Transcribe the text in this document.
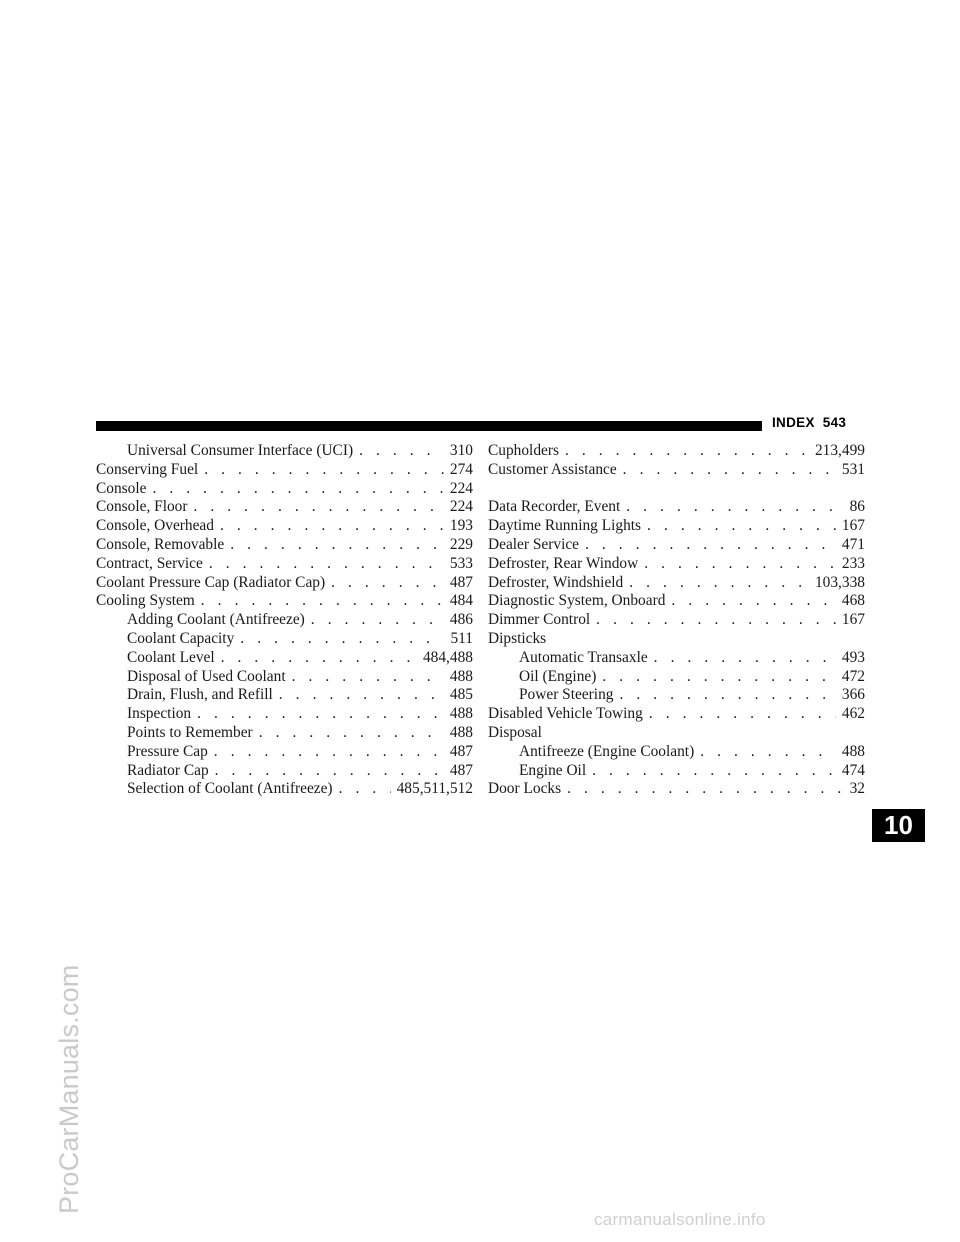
INDEX 543
Universal Consumer Interface (UCI) . . .	310
Conserving Fuel . . .	274
Console . . .	224
Console, Floor . . .	224
Console, Overhead . . .	193
Console, Removable . . .	229
Contract, Service . . .	533
Coolant Pressure Cap (Radiator Cap) . . .	487
Cooling System . . .	484
Adding Coolant (Antifreeze) . . .	486
Coolant Capacity . . .	511
Coolant Level . . .	484,488
Disposal of Used Coolant . . .	488
Drain, Flush, and Refill . . .	485
Inspection . . .	488
Points to Remember . . .	488
Pressure Cap . . .	487
Radiator Cap . . .	487
Selection of Coolant (Antifreeze) . . .	485,511,512
Cupholders . . .	213,499
Customer Assistance . . .	531
Data Recorder, Event . . .	86
Daytime Running Lights . . .	167
Dealer Service . . .	471
Defroster, Rear Window . . .	233
Defroster, Windshield . . .	103,338
Diagnostic System, Onboard . . .	468
Dimmer Control . . .	167
Dipsticks
Automatic Transaxle . . .	493
Oil (Engine) . . .	472
Power Steering . . .	366
Disabled Vehicle Towing . . .	462
Disposal
Antifreeze (Engine Coolant) . . .	488
Engine Oil . . .	474
Door Locks . . .	32
10
ProCarManuals.com
carmanualsonline.info
